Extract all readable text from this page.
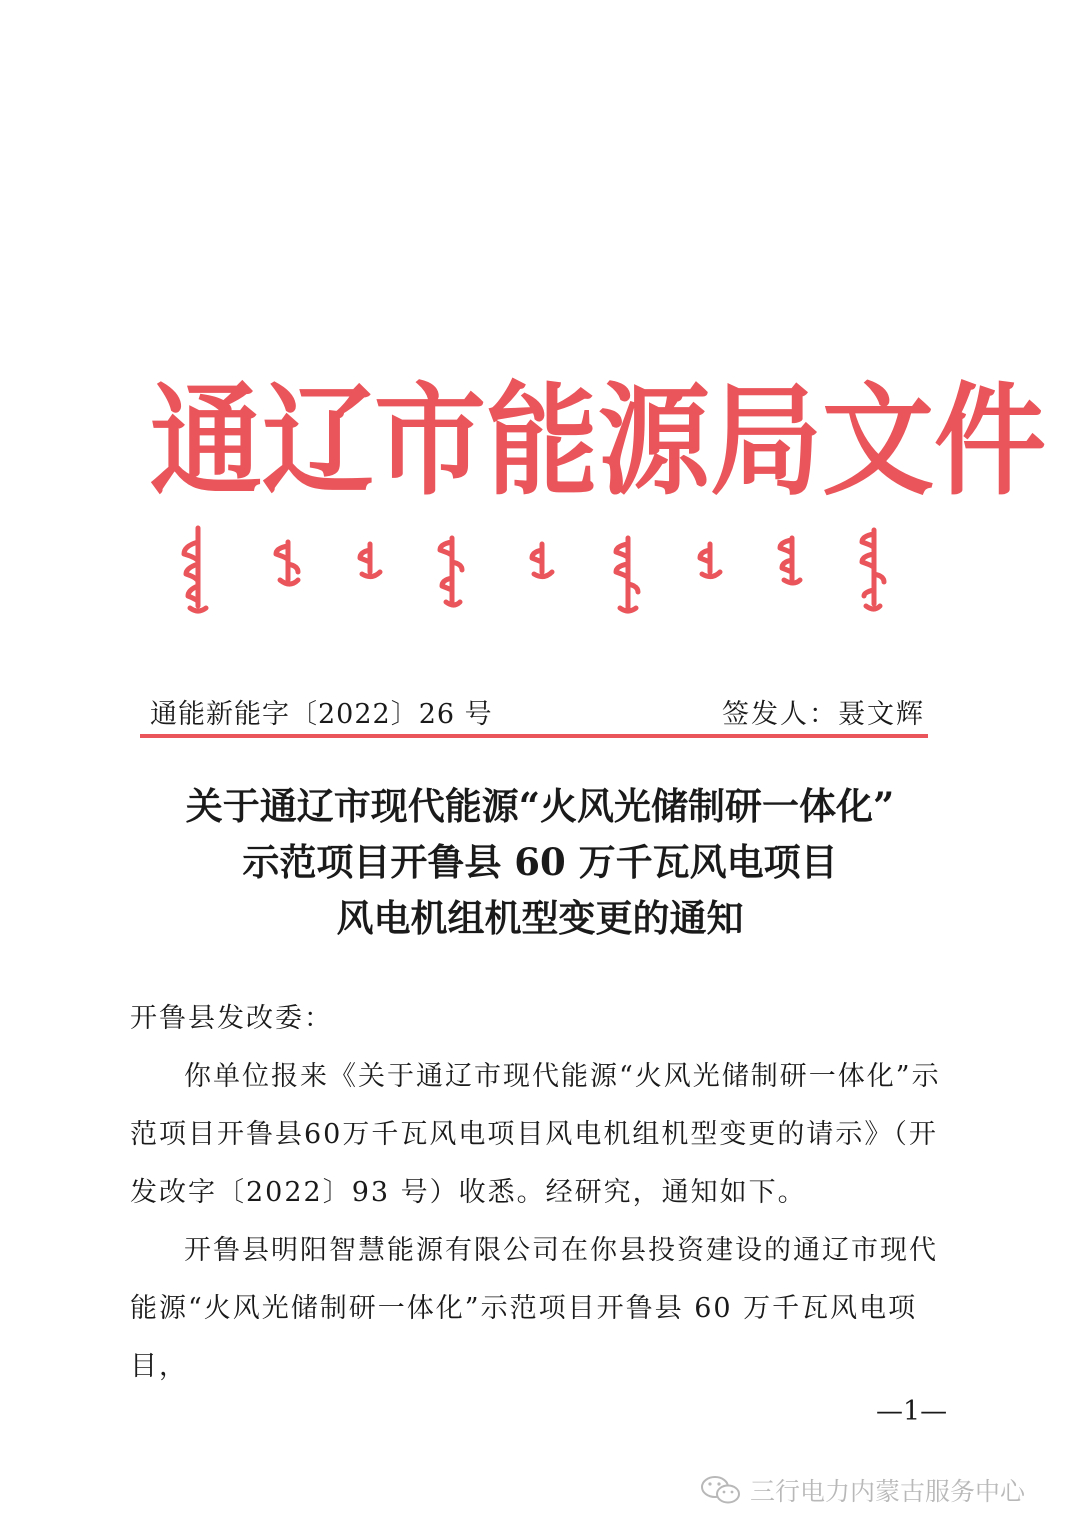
通 辽 市 能 源 局 文 件
通能新能字〔2022〕26 号	签发人：聂文辉
关于通辽市现代能源“火风光储制研一体化”
示范项目开鲁县 60 万千瓦风电项目
风电机组机型变更的通知

开鲁县发改委：

你单位报来《关于通辽市现代能源“火风光储制研一体化”示范项目开鲁县60万千瓦风电项目风电机组机型变更的请示》（开发改字〔2022〕93 号）收悉。经研究，通知如下。

开鲁县明阳智慧能源有限公司在你县投资建设的通辽市现代能源“火风光储制研一体化”示范项目开鲁县 60 万千瓦风电项目，

—1—
三行电力内蒙古服务中心
